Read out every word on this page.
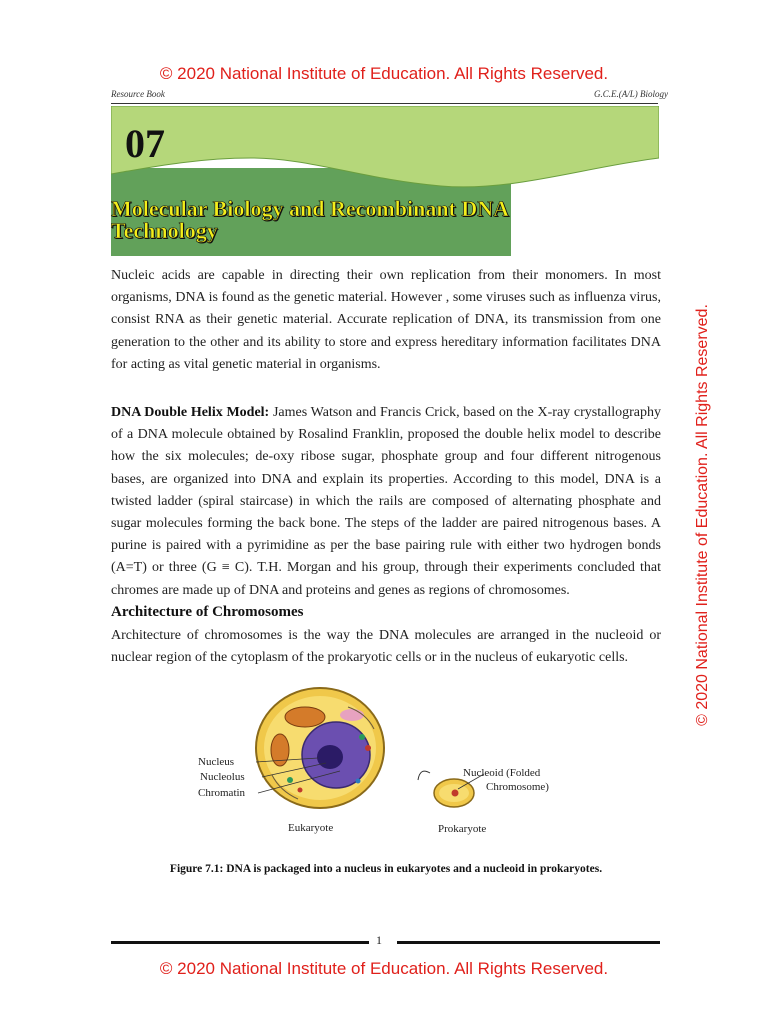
© 2020 National Institute of Education. All Rights Reserved.
© 2020 National Institute of Education. All Rights Reserved.
Resource Book	G.C.E.(A/L) Biology
07
Molecular Biology and Recombinant DNA Technology
Nucleic acids are capable in directing their own replication from their monomers. In most organisms, DNA is found as the genetic material. However , some viruses such as influenza virus, consist RNA as their genetic material. Accurate replication of DNA, its transmission from one generation to the other and its ability to store and express hereditary information facilitates DNA for acting as vital genetic material in organisms.
DNA Double Helix Model: James Watson and Francis Crick, based on the X-ray crystallography of a DNA molecule obtained by Rosalind Franklin, proposed the double helix model to describe how the six molecules; de-oxy ribose sugar, phosphate group and four different nitrogenous bases, are organized into DNA and explain its properties. According to this model, DNA is a twisted ladder (spiral staircase) in which the rails are composed of alternating phosphate and sugar molecules forming the back bone. The steps of the ladder are paired nitrogenous bases. A purine is paired with a pyrimidine as per the base pairing rule with either two hydrogen bonds (A=T) or three (G ≡ C). T.H. Morgan and his group, through their experiments concluded that chromes are made up of DNA and proteins and genes as regions of chromosomes.
Architecture of Chromosomes
Architecture of chromosomes is the way the DNA molecules are arranged in the nucleoid or nuclear region of the cytoplasm of the prokaryotic cells or in the nucleus of eukaryotic cells.
Nucleus
Nucleolus
Chromatin
Eukaryote
Nucleoid (Folded
Chromosome)
Prokaryote
Figure 7.1: DNA is packaged into a nucleus in eukaryotes and a nucleoid in prokaryotes.
1
© 2020 National Institute of Education. All Rights Reserved.
